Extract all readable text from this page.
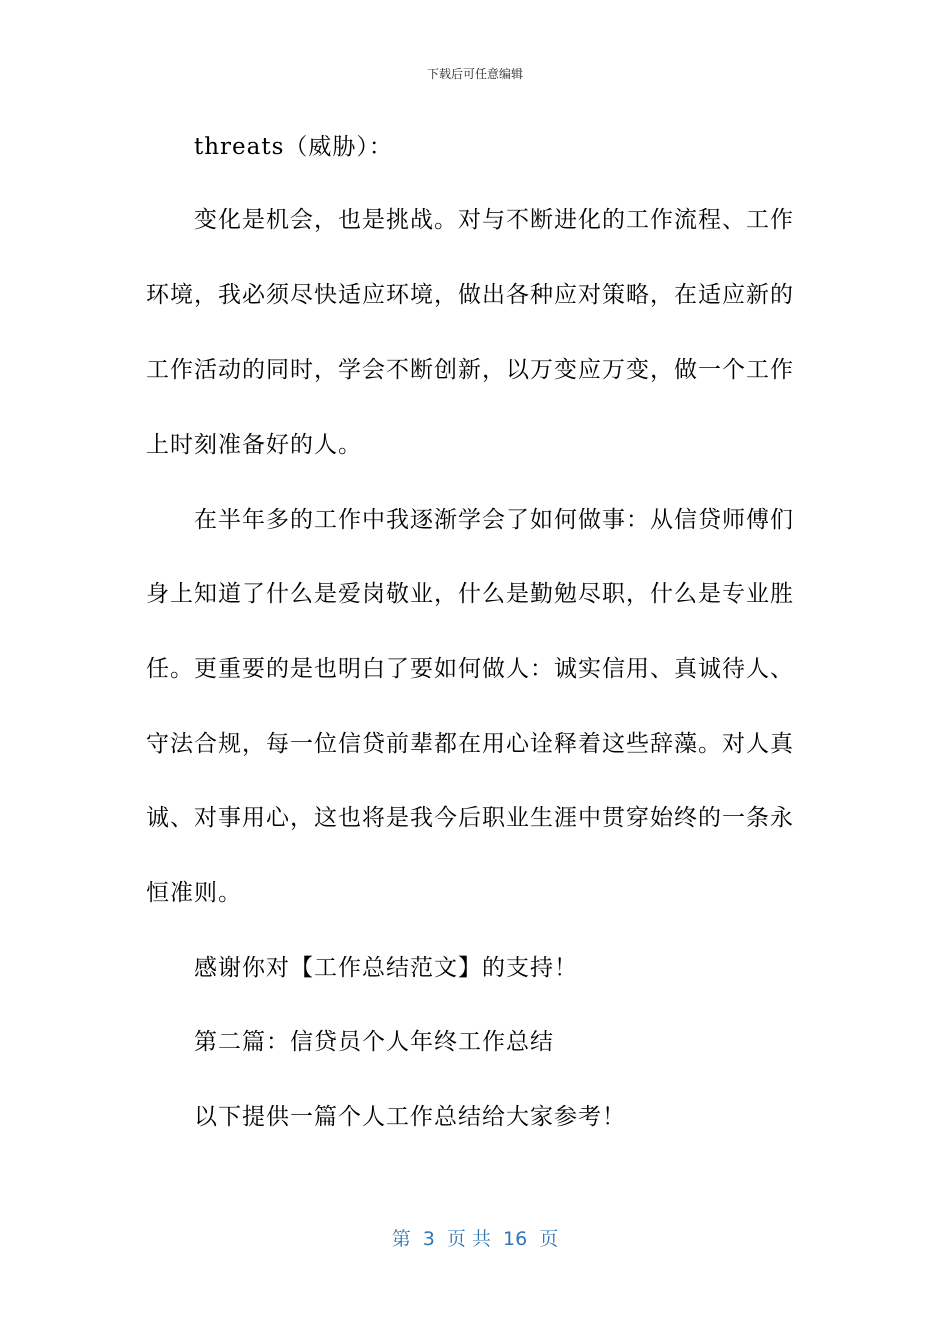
下载后可任意编辑
threats（威胁）：
变化是机会，也是挑战。对与不断进化的工作流程、工作
环境，我必须尽快适应环境，做出各种应对策略，在适应新的
工作活动的同时，学会不断创新，以万变应万变，做一个工作
上时刻准备好的人。
在半年多的工作中我逐渐学会了如何做事：从信贷师傅们
身上知道了什么是爱岗敬业，什么是勤勉尽职，什么是专业胜
任。更重要的是也明白了要如何做人：诚实信用、真诚待人、
守法合规，每一位信贷前辈都在用心诠释着这些辞藻。对人真
诚、对事用心，这也将是我今后职业生涯中贯穿始终的一条永
恒准则。
感谢你对【工作总结范文】的支持！
第二篇：信贷员个人年终工作总结
以下提供一篇个人工作总结给大家参考！
第  3  页 共  16  页
